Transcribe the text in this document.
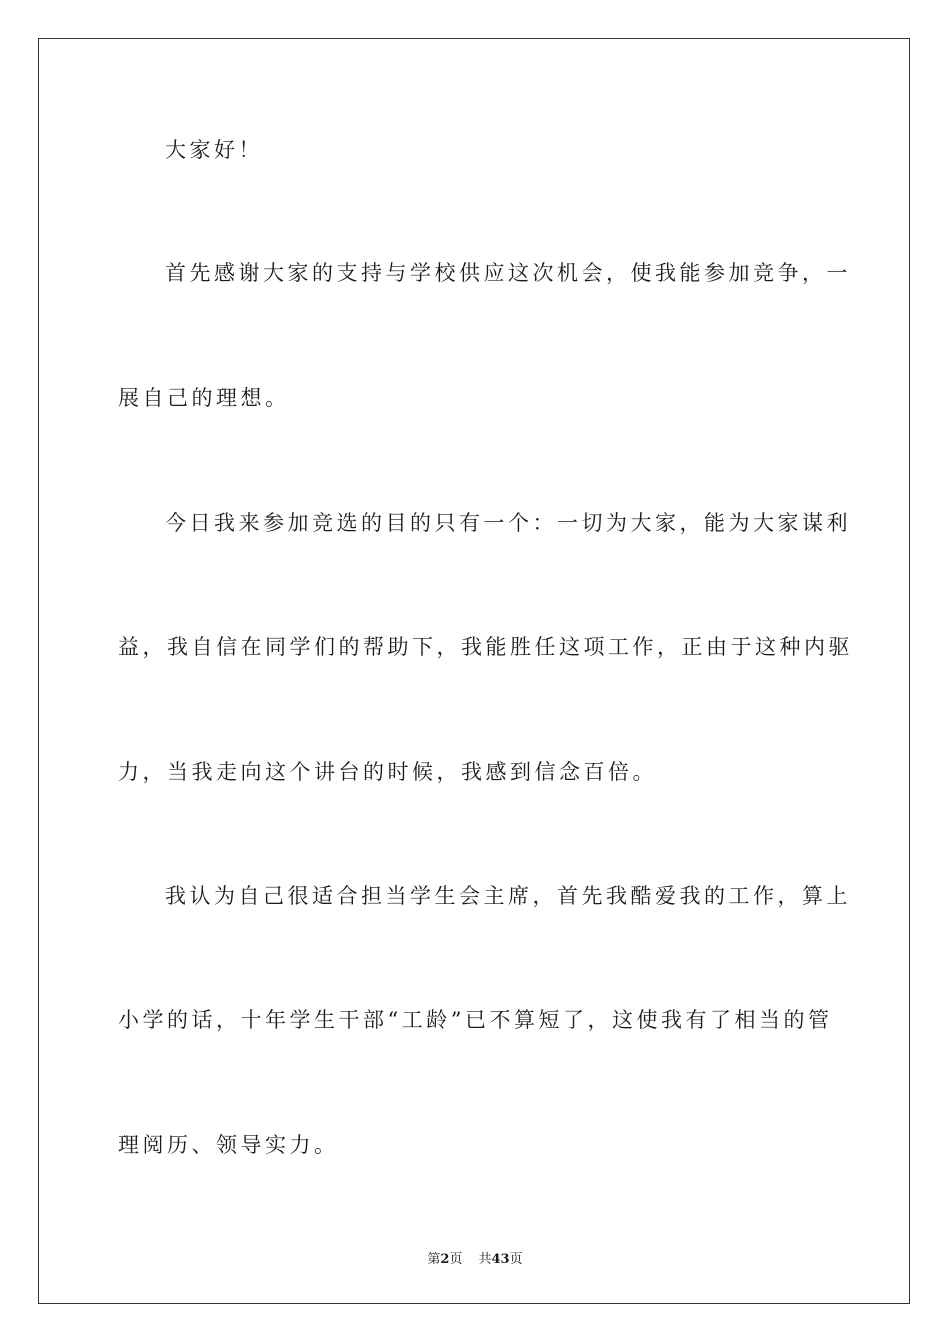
大家好！
首先感谢大家的支持与学校供应这次机会，使我能参加竞争，一
展自己的理想。
今日我来参加竞选的目的只有一个：一切为大家，能为大家谋利
益，我自信在同学们的帮助下，我能胜任这项工作，正由于这种内驱
力，当我走向这个讲台的时候，我感到信念百倍。
我认为自己很适合担当学生会主席，首先我酷爱我的工作，算上
小学的话，十年学生干部“工龄”已不算短了，这使我有了相当的管
理阅历、领导实力。
第2页 共43页
